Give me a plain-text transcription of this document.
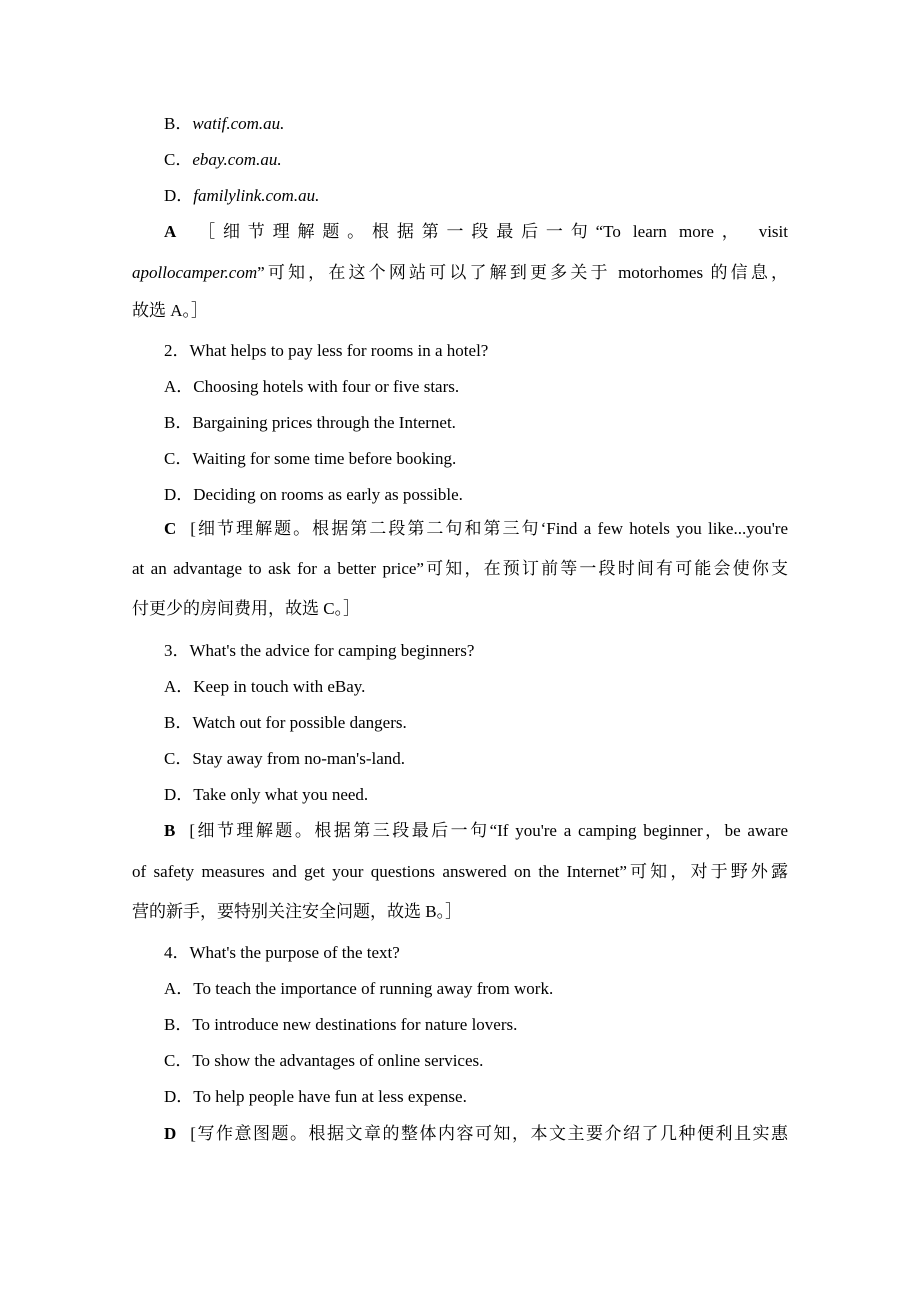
B．watif.com.au.
C．ebay.com.au.
D．familylink.com.au.
A ［细节理解题。根据第一段最后一句“To learn more， visit
apollocamper.com”可知，在这个网站可以了解到更多关于 motorhomes 的信息，
故选 A。］
2．What helps to pay less for rooms in a hotel?
A．Choosing hotels with four or five stars.
B．Bargaining prices through the Internet.
C．Waiting for some time before booking.
D．Deciding on rooms as early as possible.
C [细节理解题。根据第二段第二句和第三句‘Find a few hotels you like...you're
at an advantage to ask for a better price”可知，在预订前等一段时间有可能会使你支
付更少的房间费用，故选 C。］
3．What's the advice for camping beginners?
A．Keep in touch with eBay.
B．Watch out for possible dangers.
C．Stay away from no-man's-land.
D．Take only what you need.
B [细节理解题。根据第三段最后一句“If you're a camping beginner，be aware
of safety measures and get your questions answered on the Internet”可知，对于野外露
营的新手，要特别关注安全问题，故选 B。］
4．What's the purpose of the text?
A．To teach the importance of running away from work.
B．To introduce new destinations for nature lovers.
C．To show the advantages of online services.
D．To help people have fun at less expense.
D [写作意图题。根据文章的整体内容可知，本文主要介绍了几种便利且实惠
